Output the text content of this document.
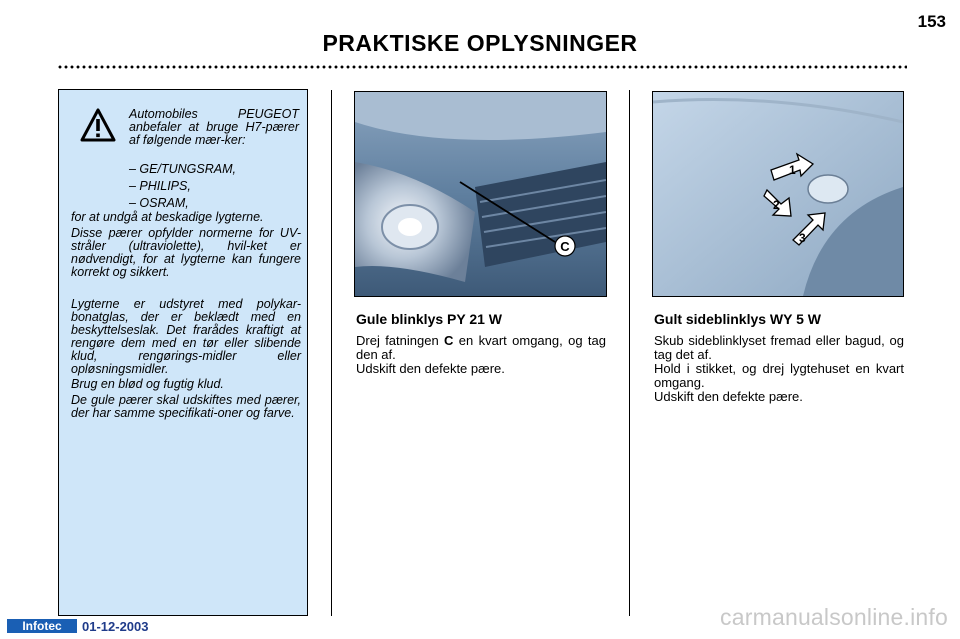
PRAKTISKE OPLYSNINGER
153
Automobiles PEUGEOT anbefaler at bruge H7-pærer af følgende mær-ker:
– GE/TUNGSRAM,
– PHILIPS,
– OSRAM,
for at undgå at beskadige lygterne.
Disse pærer opfylder normerne for UV-stråler (ultraviolette), hvil-ket er nødvendigt, for at lygterne kan fungere korrekt og sikkert.
Lygterne er udstyret med polykar-bonatglas, der er beklædt med en beskyttelseslak. Det frarådes kraftigt at rengøre dem med en tør eller slibende klud, rengørings-midler eller opløsningsmidler.
Brug en blød og fugtig klud.
De gule pærer skal udskiftes med pærer, der har samme specifikati-oner og farve.
C
1
2
3
Gule blinklys PY 21 W
Drej fatningen C en kvart omgang, og tag den af.
Udskift den defekte pære.
Gult sideblinklys WY 5 W
Skub sideblinklyset fremad eller bagud, og tag det af.
Hold i stikket, og drej lygtehuset en kvart omgang.
Udskift den defekte pære.
Infotec	01-12-2003	carmanualsonline.info
